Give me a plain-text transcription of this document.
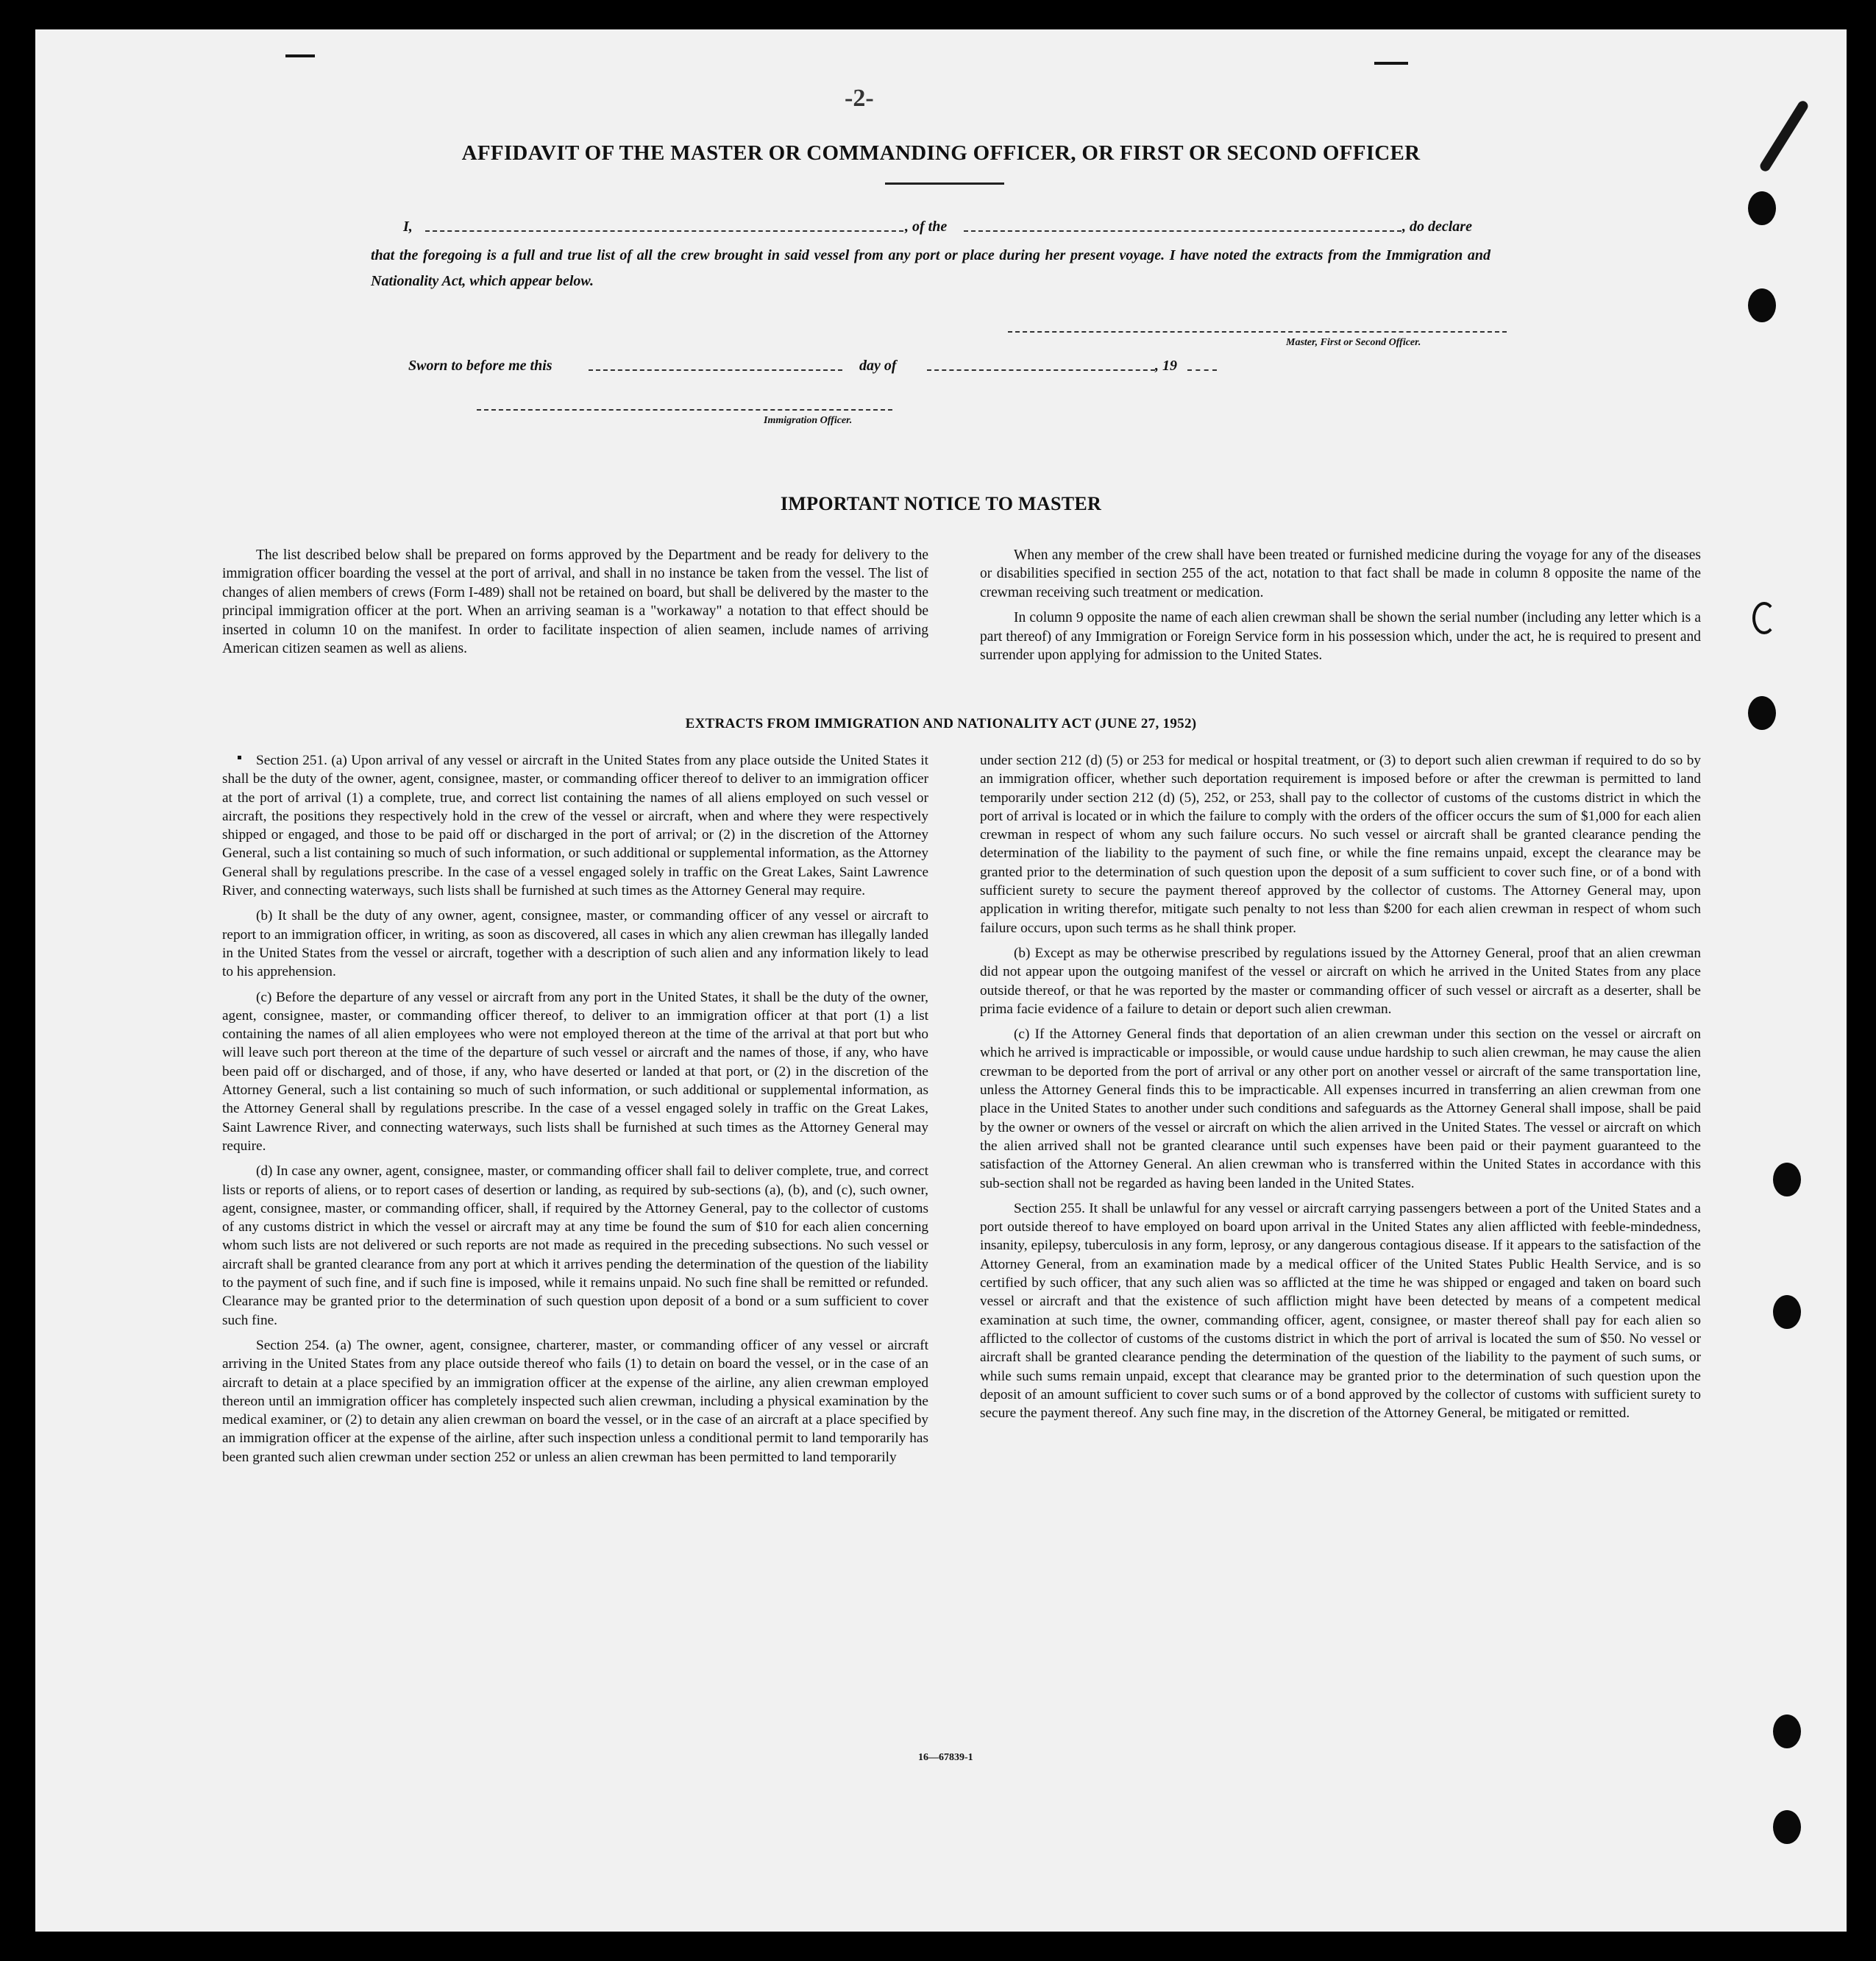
-2-
AFFIDAVIT OF THE MASTER OR COMMANDING OFFICER, OR FIRST OR SECOND OFFICER
I,	, of the	, do declare
that the foregoing is a full and true list of all the crew brought in said vessel from any port or place during her present voyage. I have noted the extracts from the Immigration and Nationality Act, which appear below.
Master, First or Second Officer.
Sworn to before me this	day of	, 19
Immigration Officer.
IMPORTANT NOTICE TO MASTER

The list described below shall be prepared on forms approved by the Department and be ready for delivery to the immigration officer boarding the vessel at the port of arrival, and shall in no instance be taken from the vessel. The list of changes of alien members of crews (Form I-489) shall not be retained on board, but shall be delivered by the master to the principal immigration officer at the port. When an arriving seaman is a "workaway" a notation to that effect should be inserted in column 10 on the manifest. In order to facilitate inspection of alien seamen, include names of arriving American citizen seamen as well as aliens.

When any member of the crew shall have been treated or furnished medicine during the voyage for any of the diseases or disabilities specified in section 255 of the act, notation to that fact shall be made in column 8 opposite the name of the crewman receiving such treatment or medication.

In column 9 opposite the name of each alien crewman shall be shown the serial number (including any letter which is a part thereof) of any Immigration or Foreign Service form in his possession which, under the act, he is required to present and surrender upon applying for admission to the United States.

EXTRACTS FROM IMMIGRATION AND NATIONALITY ACT (JUNE 27, 1952)

Section 251. (a) Upon arrival of any vessel or aircraft in the United States from any place outside the United States it shall be the duty of the owner, agent, consignee, master, or commanding officer thereof to deliver to an immigration officer at the port of arrival (1) a complete, true, and correct list containing the names of all aliens employed on such vessel or aircraft, the positions they respectively hold in the crew of the vessel or aircraft, when and where they were respectively shipped or engaged, and those to be paid off or discharged in the port of arrival; or (2) in the discretion of the Attorney General, such a list containing so much of such information, or such additional or supplemental information, as the Attorney General shall by regulations prescribe. In the case of a vessel engaged solely in traffic on the Great Lakes, Saint Lawrence River, and connecting waterways, such lists shall be furnished at such times as the Attorney General may require.

(b) It shall be the duty of any owner, agent, consignee, master, or commanding officer of any vessel or aircraft to report to an immigration officer, in writing, as soon as discovered, all cases in which any alien crewman has illegally landed in the United States from the vessel or aircraft, together with a description of such alien and any information likely to lead to his apprehension.

(c) Before the departure of any vessel or aircraft from any port in the United States, it shall be the duty of the owner, agent, consignee, master, or commanding officer thereof, to deliver to an immigration officer at that port (1) a list containing the names of all alien employees who were not employed thereon at the time of the arrival at that port but who will leave such port thereon at the time of the departure of such vessel or aircraft and the names of those, if any, who have been paid off or discharged, and of those, if any, who have deserted or landed at that port, or (2) in the discretion of the Attorney General, such a list containing so much of such information, or such additional or supplemental information, as the Attorney General shall by regulations prescribe. In the case of a vessel engaged solely in traffic on the Great Lakes, Saint Lawrence River, and connecting waterways, such lists shall be furnished at such times as the Attorney General may require.

(d) In case any owner, agent, consignee, master, or commanding officer shall fail to deliver complete, true, and correct lists or reports of aliens, or to report cases of desertion or landing, as required by sub-sections (a), (b), and (c), such owner, agent, consignee, master, or commanding officer, shall, if required by the Attorney General, pay to the collector of customs of any customs district in which the vessel or aircraft may at any time be found the sum of $10 for each alien concerning whom such lists are not delivered or such reports are not made as required in the preceding subsections. No such vessel or aircraft shall be granted clearance from any port at which it arrives pending the determination of the question of the liability to the payment of such fine, and if such fine is imposed, while it remains unpaid. No such fine shall be remitted or refunded. Clearance may be granted prior to the determination of such question upon deposit of a bond or a sum sufficient to cover such fine.

Section 254. (a) The owner, agent, consignee, charterer, master, or commanding officer of any vessel or aircraft arriving in the United States from any place outside thereof who fails (1) to detain on board the vessel, or in the case of an aircraft to detain at a place specified by an immigration officer at the expense of the airline, any alien crewman employed thereon until an immigration officer has completely inspected such alien crewman, including a physical examination by the medical examiner, or (2) to detain any alien crewman on board the vessel, or in the case of an aircraft at a place specified by an immigration officer at the expense of the airline, after such inspection unless a conditional permit to land temporarily has been granted such alien crewman under section 252 or unless an alien crewman has been permitted to land temporarily

under section 212 (d) (5) or 253 for medical or hospital treatment, or (3) to deport such alien crewman if required to do so by an immigration officer, whether such deportation requirement is imposed before or after the crewman is permitted to land temporarily under section 212 (d) (5), 252, or 253, shall pay to the collector of customs of the customs district in which the port of arrival is located or in which the failure to comply with the orders of the officer occurs the sum of $1,000 for each alien crewman in respect of whom any such failure occurs. No such vessel or aircraft shall be granted clearance pending the determination of the liability to the payment of such fine, or while the fine remains unpaid, except the clearance may be granted prior to the determination of such question upon the deposit of a sum sufficient to cover such fine, or of a bond with sufficient surety to secure the payment thereof approved by the collector of customs. The Attorney General may, upon application in writing therefor, mitigate such penalty to not less than $200 for each alien crewman in respect of whom such failure occurs, upon such terms as he shall think proper.

(b) Except as may be otherwise prescribed by regulations issued by the Attorney General, proof that an alien crewman did not appear upon the outgoing manifest of the vessel or aircraft on which he arrived in the United States from any place outside thereof, or that he was reported by the master or commanding officer of such vessel or aircraft as a deserter, shall be prima facie evidence of a failure to detain or deport such alien crewman.

(c) If the Attorney General finds that deportation of an alien crewman under this section on the vessel or aircraft on which he arrived is impracticable or impossible, or would cause undue hardship to such alien crewman, he may cause the alien crewman to be deported from the port of arrival or any other port on another vessel or aircraft of the same transportation line, unless the Attorney General finds this to be impracticable. All expenses incurred in transferring an alien crewman from one place in the United States to another under such conditions and safeguards as the Attorney General shall impose, shall be paid by the owner or owners of the vessel or aircraft on which the alien arrived in the United States. The vessel or aircraft on which the alien arrived shall not be granted clearance until such expenses have been paid or their payment guaranteed to the satisfaction of the Attorney General. An alien crewman who is transferred within the United States in accordance with this sub-section shall not be regarded as having been landed in the United States.

Section 255. It shall be unlawful for any vessel or aircraft carrying passengers between a port of the United States and a port outside thereof to have employed on board upon arrival in the United States any alien afflicted with feeble-mindedness, insanity, epilepsy, tuberculosis in any form, leprosy, or any dangerous contagious disease. If it appears to the satisfaction of the Attorney General, from an examination made by a medical officer of the United States Public Health Service, and is so certified by such officer, that any such alien was so afflicted at the time he was shipped or engaged and taken on board such vessel or aircraft and that the existence of such affliction might have been detected by means of a competent medical examination at such time, the owner, commanding officer, agent, consignee, or master thereof shall pay for each alien so afflicted to the collector of customs of the customs district in which the port of arrival is located the sum of $50. No vessel or aircraft shall be granted clearance pending the determination of the question of the liability to the payment of such sums, or while such sums remain unpaid, except that clearance may be granted prior to the determination of such question upon the deposit of an amount sufficient to cover such sums or of a bond approved by the collector of customs with sufficient surety to secure the payment thereof. Any such fine may, in the discretion of the Attorney General, be mitigated or remitted.

16—67839-1
